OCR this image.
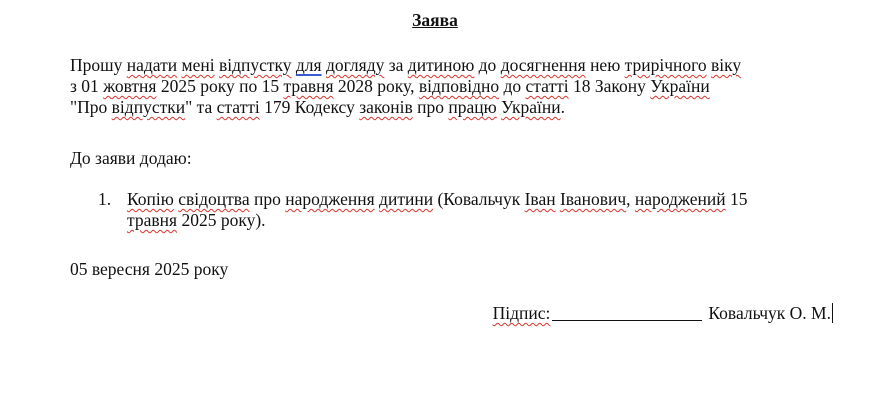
Заява
Прошу надати мені відпустку для догляду за дитиною до досягнення нею трирічного віку
з 01 жовтня 2025 року по 15 травня 2028 року, відповідно до статті 18 Закону України
"Про відпустки" та статті 179 Кодексу законів про працю України.
До заяви додаю:
1. Копію свідоцтва про народження дитини (Ковальчук Іван Іванович, народжений 15
травня 2025 року).
05 вересня 2025 року
Підпис:	Ковальчук О. М.
